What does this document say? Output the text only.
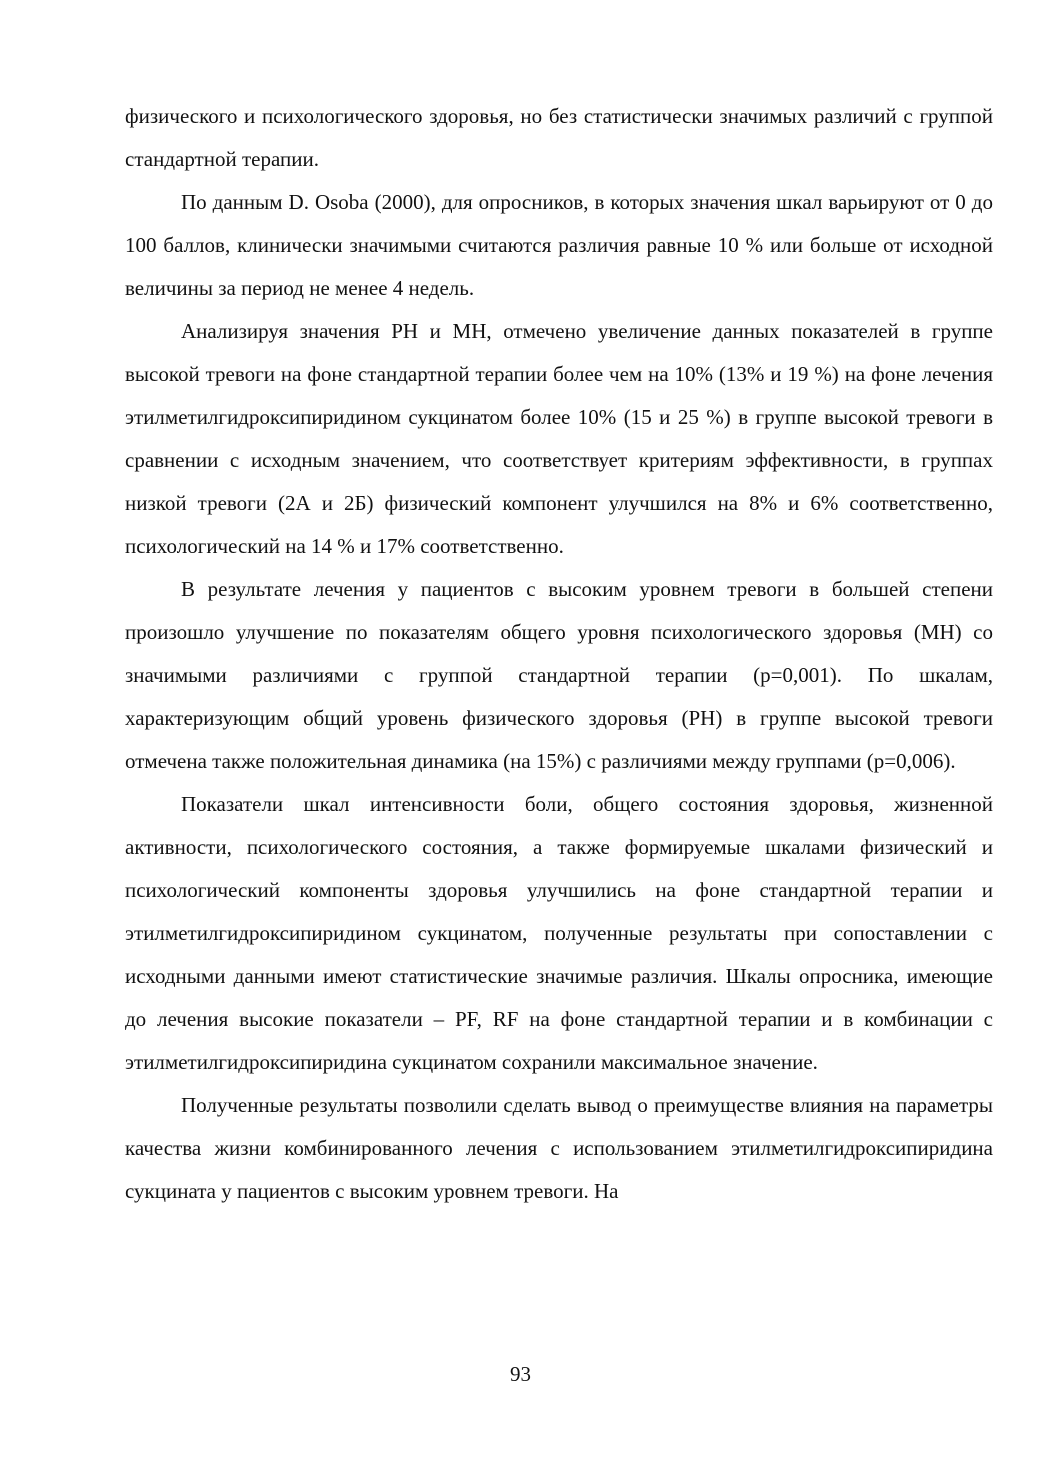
физического и психологического здоровья, но без статистически значимых различий с группой стандартной терапии.

По данным D. Osoba (2000), для опросников, в которых значения шкал варьируют от 0 до 100 баллов, клинически значимыми считаются различия равные 10 % или больше от исходной величины за период не менее 4 недель.

Анализируя значения PH и MH, отмечено увеличение данных показателей в группе высокой тревоги на фоне стандартной терапии более чем на 10% (13% и 19 %) на фоне лечения этилметилгидроксипиридином сукцинатом более 10% (15 и 25 %) в группе высокой тревоги в сравнении с исходным значением, что соответствует критериям эффективности, в группах низкой тревоги (2А и 2Б) физический компонент улучшился на 8% и 6% соответственно, психологический на 14 % и 17% соответственно.

В результате лечения у пациентов с высоким уровнем тревоги в большей степени произошло улучшение по показателям общего уровня психологического здоровья (MH) со значимыми различиями с группой стандартной терапии (р=0,001). По шкалам, характеризующим общий уровень физического здоровья (PH) в группе высокой тревоги отмечена также положительная динамика (на 15%) с различиями между группами (р=0,006).

Показатели шкал интенсивности боли, общего состояния здоровья, жизненной активности, психологического состояния, а также формируемые шкалами физический и психологический компоненты здоровья улучшились на фоне стандартной терапии и этилметилгидроксипиридином сукцинатом, полученные результаты при сопоставлении с исходными данными имеют статистические значимые различия. Шкалы опросника, имеющие до лечения высокие показатели – PF, RF на фоне стандартной терапии и в комбинации с этилметилгидроксипиридина сукцинатом сохранили максимальное значение.

Полученные результаты позволили сделать вывод о преимуществе влияния на параметры качества жизни комбинированного лечения с использованием этилметилгидроксипиридина сукцината у пациентов с высоким уровнем тревоги. На

93
